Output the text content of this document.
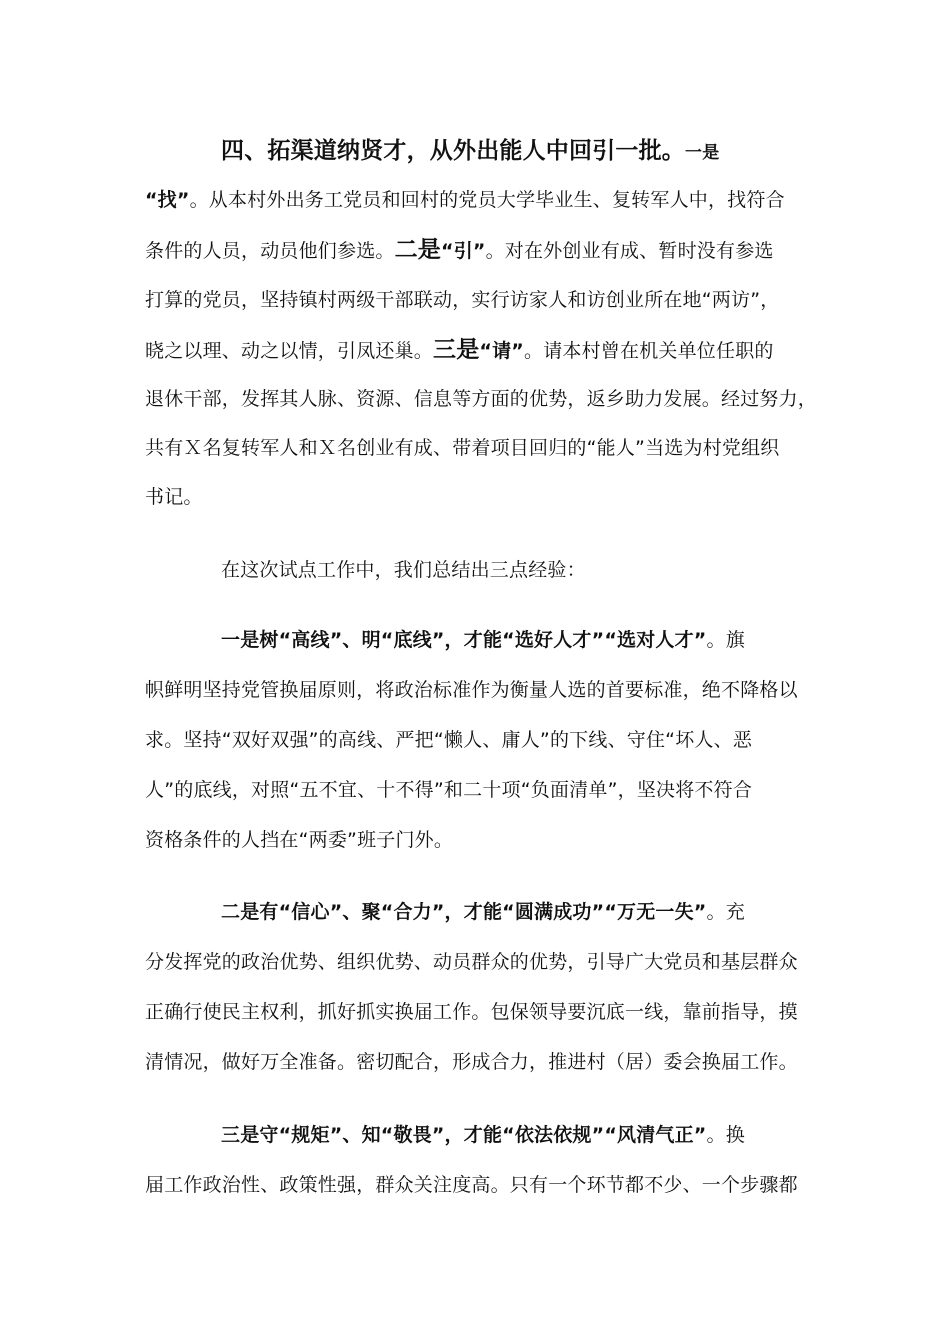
四、拓渠道纳贤才，从外出能人中回引一批。一是
“找”。从本村外出务工党员和回村的党员大学毕业生、复转军人中，找符合
条件的人员，动员他们参选。二是“引”。对在外创业有成、暂时没有参选
打算的党员，坚持镇村两级干部联动，实行访家人和访创业所在地“两访”，
晓之以理、动之以情，引凤还巢。三是“请”。请本村曾在机关单位任职的
退休干部，发挥其人脉、资源、信息等方面的优势，返乡助力发展。经过努力，
共有Ｘ名复转军人和Ｘ名创业有成、带着项目回归的“能人”当选为村党组织
书记。
在这次试点工作中，我们总结出三点经验：
一是树“高线”、明“底线”，才能“选好人才”“选对人才”。旗
帜鲜明坚持党管换届原则，将政治标准作为衡量人选的首要标准，绝不降格以
求。坚持“双好双强”的高线、严把“懒人、庸人”的下线、守住“坏人、恶
人”的底线，对照“五不宜、十不得”和二十项“负面清单”，坚决将不符合
资格条件的人挡在“两委”班子门外。
二是有“信心”、聚“合力”，才能“圆满成功”“万无一失”。充
分发挥党的政治优势、组织优势、动员群众的优势，引导广大党员和基层群众
正确行使民主权利，抓好抓实换届工作。包保领导要沉底一线，靠前指导，摸
清情况，做好万全准备。密切配合，形成合力，推进村（居）委会换届工作。
三是守“规矩”、知“敬畏”，才能“依法依规”“风清气正”。换
届工作政治性、政策性强，群众关注度高。只有一个环节都不少、一个步骤都
